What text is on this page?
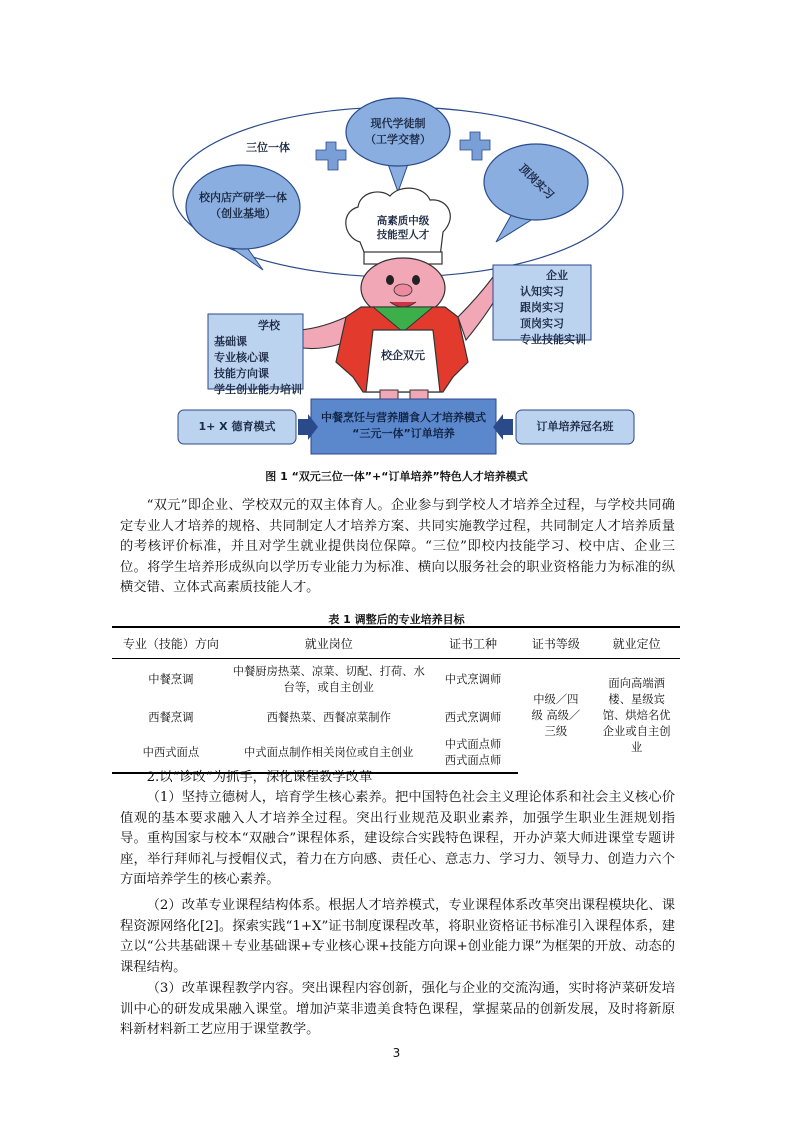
三位一体
校内店产研学一体
（创业基地）
现代学徒制
（工学交替）
顶岗实习
高素质中级
技能型人才
校企双元
学校
基础课
专业核心课
技能方向课
学生创业能力培训
企业
认知实习
跟岗实习
顶岗实习
专业技能实训
1+ X 德育模式	订单培养冠名班
中餐烹饪与营养膳食人才培养模式
“三元一体”订单培养
图 1 “双元三位一体”+“订单培养”特色人才培养模式
“双元”即企业、学校双元的双主体育人。企业参与到学校人才培养全过程，与学校共同确定专业人才培养的规格、共同制定人才培养方案、共同实施教学过程，共同制定人才培养质量的考核评价标准，并且对学生就业提供岗位保障。“三位”即校内技能学习、校中店、企业三位。将学生培养形成纵向以学历专业能力为标准、横向以服务社会的职业资格能力为标准的纵横交错、立体式高素质技能人才。
表 1 调整后的专业培养目标
专业（技能）方向	就业岗位	证书工种	证书等级	就业定位
中餐烹调	中餐厨房热菜、凉菜、切配、打荷、水台等，或自主创业	中式烹调师	中级／四级 高级／三级	面向高端酒楼、星级宾馆、烘焙名优企业或自主创业
西餐烹调	西餐热菜、西餐凉菜制作	西式烹调师		
中西式面点	中式面点制作相关岗位或自主创业	中式面点师 西式面点师		
2.以“诊改”为抓手，深化课程教学改革
（1）坚持立德树人，培育学生核心素养。把中国特色社会主义理论体系和社会主义核心价值观的基本要求融入人才培养全过程。突出行业规范及职业素养，加强学生职业生涯规划指导。重构国家与校本“双融合”课程体系，建设综合实践特色课程，开办泸菜大师进课堂专题讲座，举行拜师礼与授帽仪式，着力在方向感、责任心、意志力、学习力、领导力、创造力六个方面培养学生的核心素养。
（2）改革专业课程结构体系。根据人才培养模式，专业课程体系改革突出课程模块化、课程资源网络化[2]。探索实践“1+X”证书制度课程改革，将职业资格证书标准引入课程体系，建立以“公共基础课＋专业基础课+专业核心课+技能方向课+创业能力课”为框架的开放、动态的课程结构。
（3）改革课程教学内容。突出课程内容创新，强化与企业的交流沟通，实时将泸菜研发培训中心的研发成果融入课堂。增加泸菜非遗美食特色课程，掌握菜品的创新发展，及时将新原料新材料新工艺应用于课堂教学。
3
